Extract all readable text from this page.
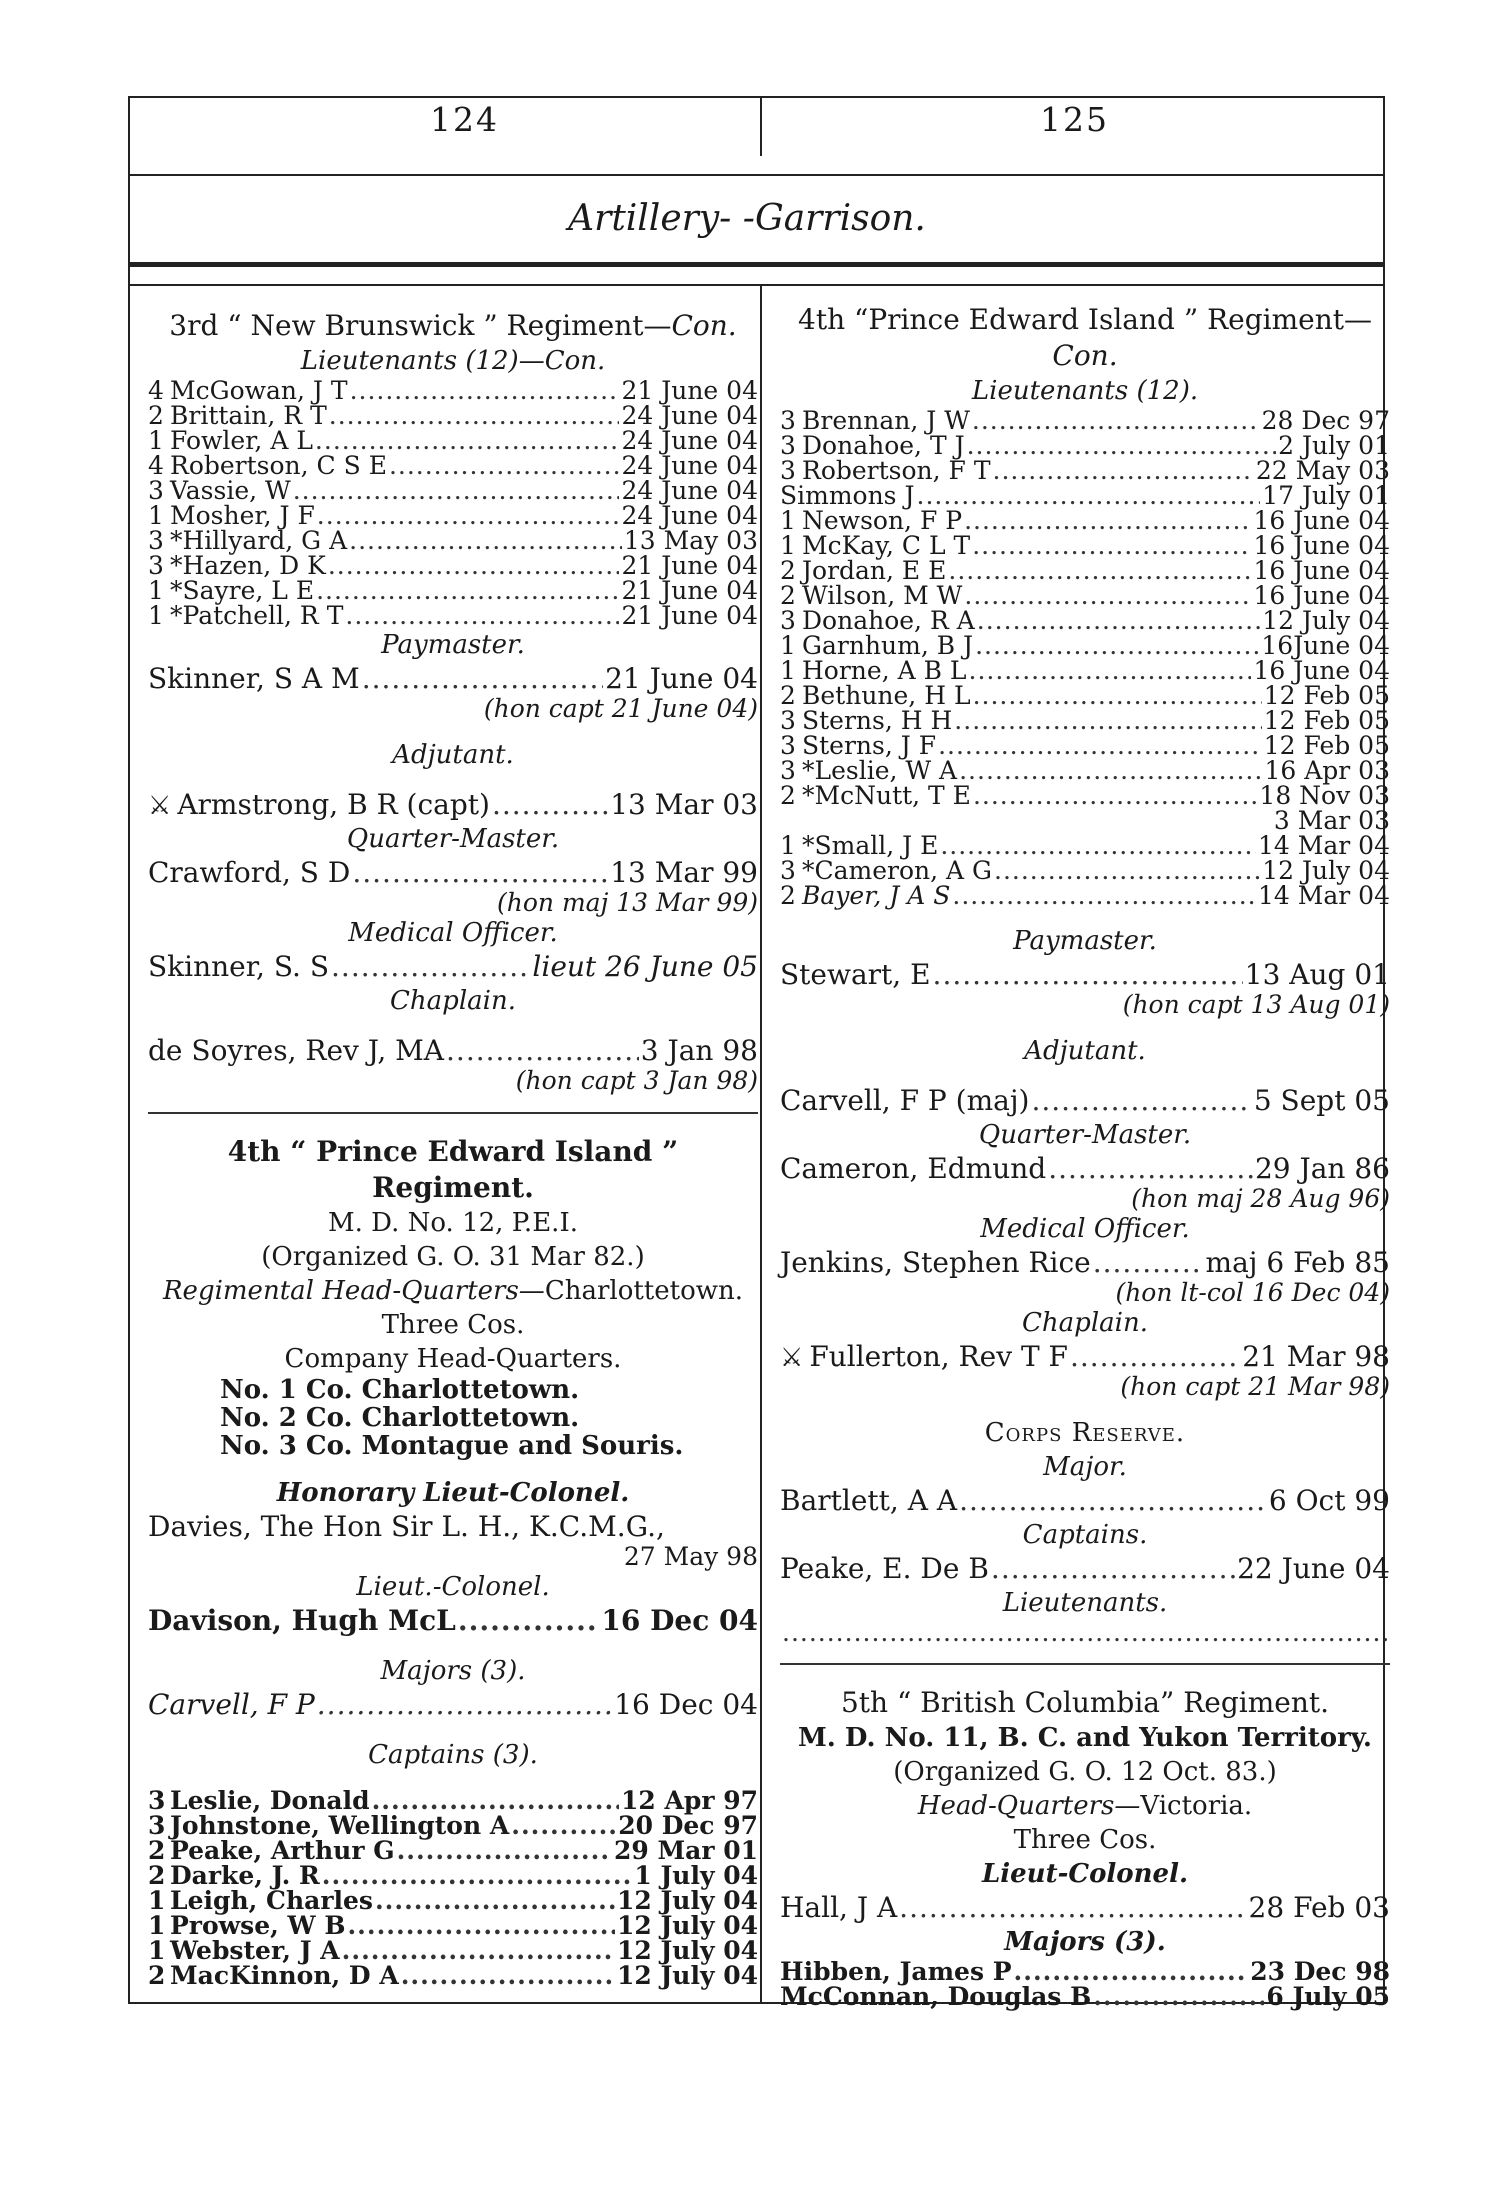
124	125
Artillery- -Garrison.
3rd “ New Brunswick ” Regiment—Con.
Lieutenants (12)—Con.
4 McGowan, J T .....	21 June 04
2 Brittain, R T .....	24 June 04
1 Fowler, A L .....	24 June 04
4 Robertson, C S E .....	24 June 04
3 Vassie, W .....	24 June 04
1 Mosher, J F .....	24 June 04
3 *Hillyard, G A .....	13 May 03
3 *Hazen, D K .....	21 June 04
1 *Sayre, L E .....	21 June 04
1 *Patchell, R T .....	21 June 04
Paymaster.
Skinner, S A M .....	21 June 04
(hon capt 21 June 04)
Adjutant.
⚔ Armstrong, B R (capt) .....	13 Mar 03
Quarter-Master.
Crawford, S D .....	13 Mar 99
(hon maj 13 Mar 99)
Medical Officer.
Skinner, S. S .....	lieut 26 June 05
Chaplain.
de Soyres, Rev J, MA .....	3 Jan 98
(hon capt 3 Jan 98)
4th “ Prince Edward Island ” Regiment.
M. D. No. 12, P.E.I.
(Organized G. O. 31 Mar 82.)
Regimental Head-Quarters—Charlottetown.
Three Cos.
Company Head-Quarters.
No. 1 Co. Charlottetown.
No. 2 Co. Charlottetown.
No. 3 Co. Montague and Souris.
Honorary Lieut-Colonel.
Davies, The Hon Sir L. H., K.C.M.G.,
27 May 98
Lieut.-Colonel.
Davison, Hugh McL .....	16 Dec 04
Majors (3).
Carvell, F P .....	16 Dec 04
Captains (3).
3 Leslie, Donald .....	12 Apr 97
3 Johnstone, Wellington A .....	20 Dec 97
2 Peake, Arthur G .....	29 Mar 01
2 Darke, J. R .....	1 July 04
1 Leigh, Charles .....	12 July 04
1 Prowse, W B .....	12 July 04
1 Webster, J A .....	12 July 04
2 MacKinnon, D A .....	12 July 04
4th “Prince Edward Island ” Regiment—Con.
Lieutenants (12).
3 Brennan, J W .....	28 Dec 97
3 Donahoe, T J .....	2 July 01
3 Robertson, F T .....	22 May 03
Simmons J .....	17 July 01
1 Newson, F P .....	16 June 04
1 McKay, C L T .....	16 June 04
2 Jordan, E E .....	16 June 04
2 Wilson, M W .....	16 June 04
3 Donahoe, R A .....	12 July 04
1 Garnhum, B J .....	16June 04
1 Horne, A B L .....	16 June 04
2 Bethune, H L .....	12 Feb 05
3 Sterns, H H .....	12 Feb 05
3 Sterns, J F .....	12 Feb 05
3 *Leslie, W A .....	16 Apr 03
2 *McNutt, T E .....	18 Nov 03
3 Mar 03
1 *Small, J E .....	14 Mar 04
3 *Cameron, A G .....	12 July 04
2 Bayer, J A S .....	14 Mar 04
Paymaster.
Stewart, E .....	13 Aug 01
(hon capt 13 Aug 01)
Adjutant.
Carvell, F P (maj) .....	5 Sept 05
Quarter-Master.
Cameron, Edmund .....	29 Jan 86
(hon maj 28 Aug 96)
Medical Officer.
Jenkins, Stephen Rice .....	maj 6 Feb 85
(hon lt-col 16 Dec 04)
Chaplain.
⚔ Fullerton, Rev T F .....	21 Mar 98
(hon capt 21 Mar 98)
Corps Reserve.
Major.
Bartlett, A A .....	6 Oct 99
Captains.
Peake, E. De B .....	22 June 04
Lieutenants.
.....
5th “ British Columbia” Regiment.
M. D. No. 11, B. C. and Yukon Territory.
(Organized G. O. 12 Oct. 83.)
Head-Quarters—Victoria.
Three Cos.
Lieut-Colonel.
Hall, J A .....	28 Feb 03
Majors (3).
Hibben, James P .....	23 Dec 98
McConnan, Douglas B .....	6 July 05
